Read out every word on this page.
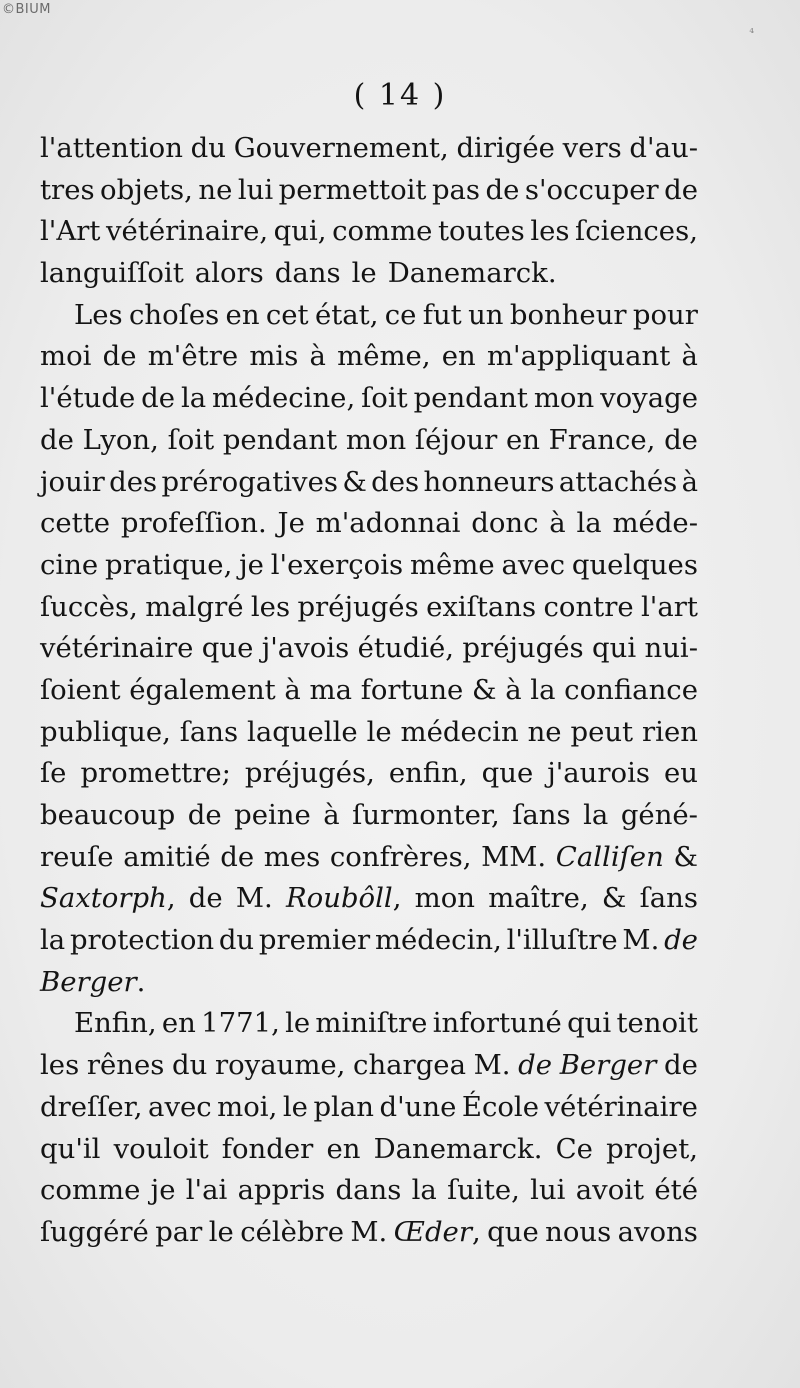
©BIUM
⁴
( 14 )
l'attention du Gouvernement, dirigée vers d'au-
tres objets, ne lui permettoit pas de s'occuper de
l'Art vétérinaire, qui, comme toutes les ſciences,
languiſſoit alors dans le Danemarck.
Les choſes en cet état, ce fut un bonheur pour
moi de m'être mis à même, en m'appliquant à
l'étude de la médecine, ſoit pendant mon voyage
de Lyon, ſoit pendant mon ſéjour en France, de
jouir des prérogatives & des honneurs attachés à
cette profeſſion. Je m'adonnai donc à la méde-
cine pratique, je l'exerçois même avec quelques
ſuccès, malgré les préjugés exiſtans contre l'art
vétérinaire que j'avois étudié, préjugés qui nui-
ſoient également à ma fortune & à la confiance
publique, ſans laquelle le médecin ne peut rien
ſe promettre; préjugés, enfin, que j'aurois eu
beaucoup de peine à ſurmonter, ſans la géné-
reuſe amitié de mes confrères, MM. Calliſen &
Saxtorph, de M. Roubôll, mon maître, & ſans
la protection du premier médecin, l'illuſtre M. de
Berger.
Enfin, en 1771, le miniſtre infortuné qui tenoit
les rênes du royaume, chargea M. de Berger de
dreſſer, avec moi, le plan d'une École vétérinaire
qu'il vouloit fonder en Danemarck. Ce projet,
comme je l'ai appris dans la ſuite, lui avoit été
ſuggéré par le célèbre M. Œder, que nous avons
